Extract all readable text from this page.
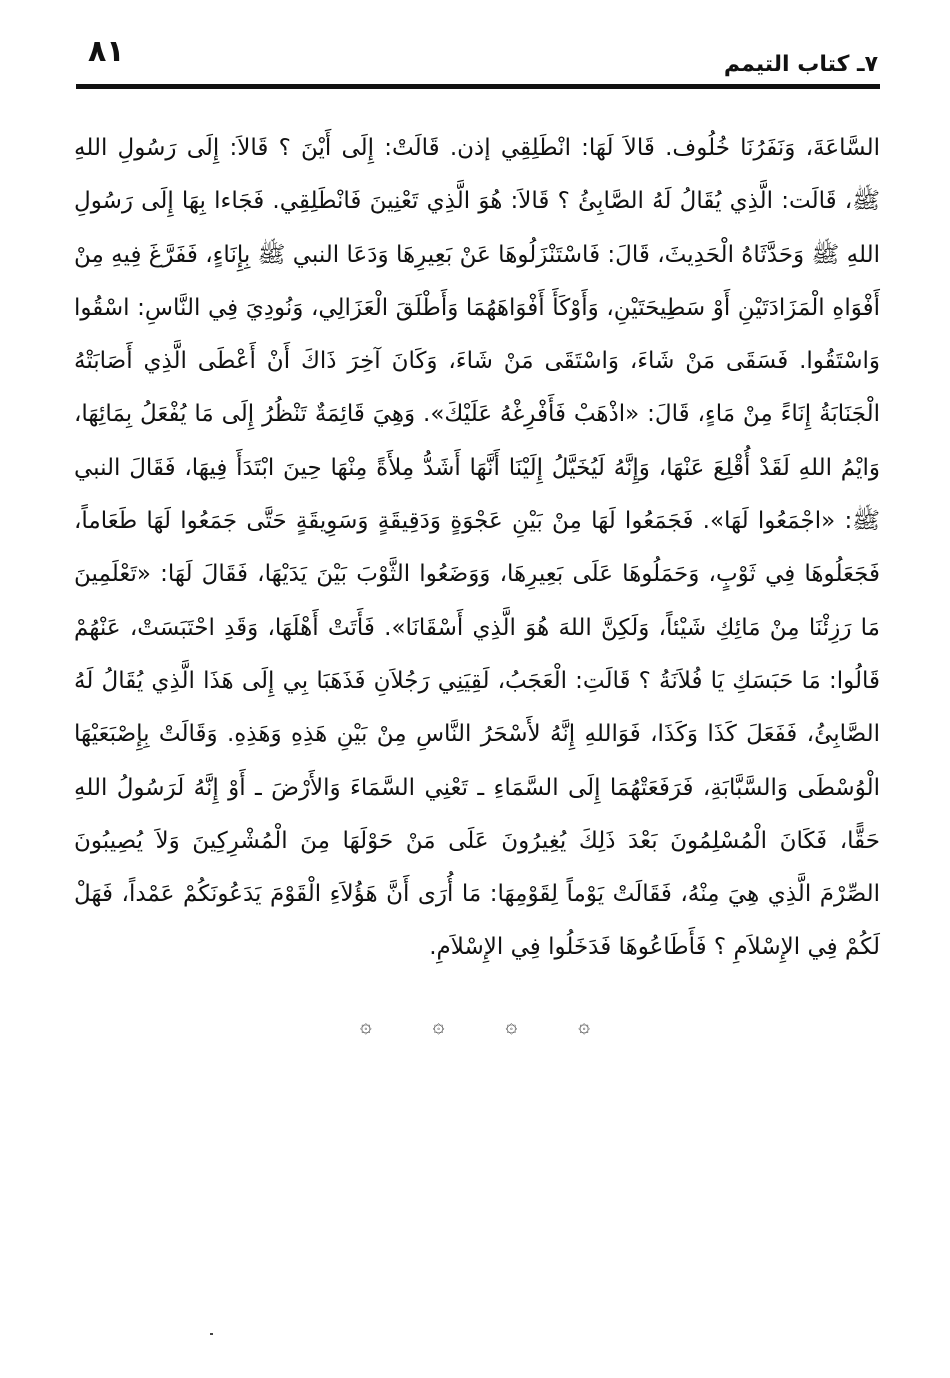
٨١	٧ـ كتاب التيمم

السَّاعَةَ، وَنَفَرُنَا خُلُوف. قَالاَ لَهَا: انْطَلِقِي إذن. قَالَتْ: إِلَى أَيْنَ ؟ قَالاَ: إِلَى رَسُولِ اللهِ ﷺ، قَالَت: الَّذِي يُقَالُ لَهُ الصَّابِئُ ؟ قَالاَ: هُوَ الَّذِي تَعْنِينَ فَانْطَلِقِي. فَجَاءا بِهَا إِلَى رَسُولِ اللهِ ﷺ وَحَدَّثَاهُ الْحَدِيثَ، قَالَ: فَاسْتَنْزَلُوهَا عَنْ بَعِيرِهَا وَدَعَا النبي ﷺ بِإِنَاءٍ، فَفَرَّغَ فِيهِ مِنْ أَفْوَاهِ الْمَزَادَتَيْنِ أَوْ سَطِيحَتَيْنِ، وَأَوْكَأَ أَفْوَاهَهُمَا وَأَطْلَقَ الْعَزَالِي، وَنُودِيَ فِي النَّاسِ: اسْقُوا وَاسْتَقُوا. فَسَقَى مَنْ شَاءَ، وَاسْتَقَى مَنْ شَاءَ، وَكَانَ آخِرَ ذَاكَ أَنْ أَعْطَى الَّذِي أَصَابَتْهُ الْجَنَابَةُ إِنَاءً مِنْ مَاءٍ، قَالَ: «اذْهَبْ فَأَفْرِغْهُ عَلَيْكَ». وَهِيَ قَائِمَةٌ تَنْظُرُ إِلَى مَا يُفْعَلُ بِمَائِهَا، وَايْمُ اللهِ لَقَدْ أُقْلِعَ عَنْهَا، وَإِنَّهُ لَيُخَيَّلُ إِلَيْنَا أَنَّهَا أَشَدُّ مِلأَةً مِنْهَا حِينَ ابْتَدَأَ فِيهَا، فَقَالَ النبي ﷺ: «اجْمَعُوا لَهَا». فَجَمَعُوا لَهَا مِنْ بَيْنِ عَجْوَةٍ وَدَقِيقَةٍ وَسَوِيقَةٍ حَتَّى جَمَعُوا لَهَا طَعَاماً، فَجَعَلُوهَا فِي ثَوْبٍ، وَحَمَلُوهَا عَلَى بَعِيرِهَا، وَوَضَعُوا الثَّوْبَ بَيْنَ يَدَيْهَا، فَقَالَ لَهَا: «تَعْلَمِينَ مَا رَزِئْنَا مِنْ مَائِكِ شَيْئاً، وَلَكِنَّ اللهَ هُوَ الَّذِي أَسْقَانَا». فَأَتَتْ أَهْلَهَا، وَقَدِ احْتَبَسَتْ، عَنْهُمْ قَالُوا: مَا حَبَسَكِ يَا فُلاَنَةُ ؟ قَالَتِ: الْعَجَبُ، لَقِيَنِي رَجُلاَنِ فَذَهَبَا بِي إِلَى هَذَا الَّذِي يُقَالُ لَهُ الصَّابِئُ، فَفَعَلَ كَذَا وَكَذَا، فَوَاللهِ إِنَّهُ لأَسْحَرُ النَّاسِ مِنْ بَيْنِ هَذِهِ وَهَذِهِ. وَقَالَتْ بِإِصْبَعَيْهَا الْوُسْطَى وَالسَّبَّابَةِ، فَرَفَعَتْهُمَا إِلَى السَّمَاءِ ـ تَعْنِي السَّمَاءَ وَالأَرْضَ ـ أَوْ إِنَّهُ لَرَسُولُ اللهِ حَقًّا، فَكَانَ الْمُسْلِمُونَ بَعْدَ ذَلِكَ يُغِيرُونَ عَلَى مَنْ حَوْلَهَا مِنَ الْمُشْرِكِينَ وَلاَ يُصِيبُونَ الصِّرْمَ الَّذِي هِيَ مِنْهُ، فَقَالَتْ يَوْماً لِقَوْمِهَا: مَا أُرَى أَنَّ هَؤُلاَءِ الْقَوْمَ يَدَعُونَكُمْ عَمْداً، فَهَلْ لَكُمْ فِي الإِسْلاَمِ ؟ فَأَطَاعُوهَا فَدَخَلُوا فِي الإِسْلاَمِ.

۞	۞	۞	۞
